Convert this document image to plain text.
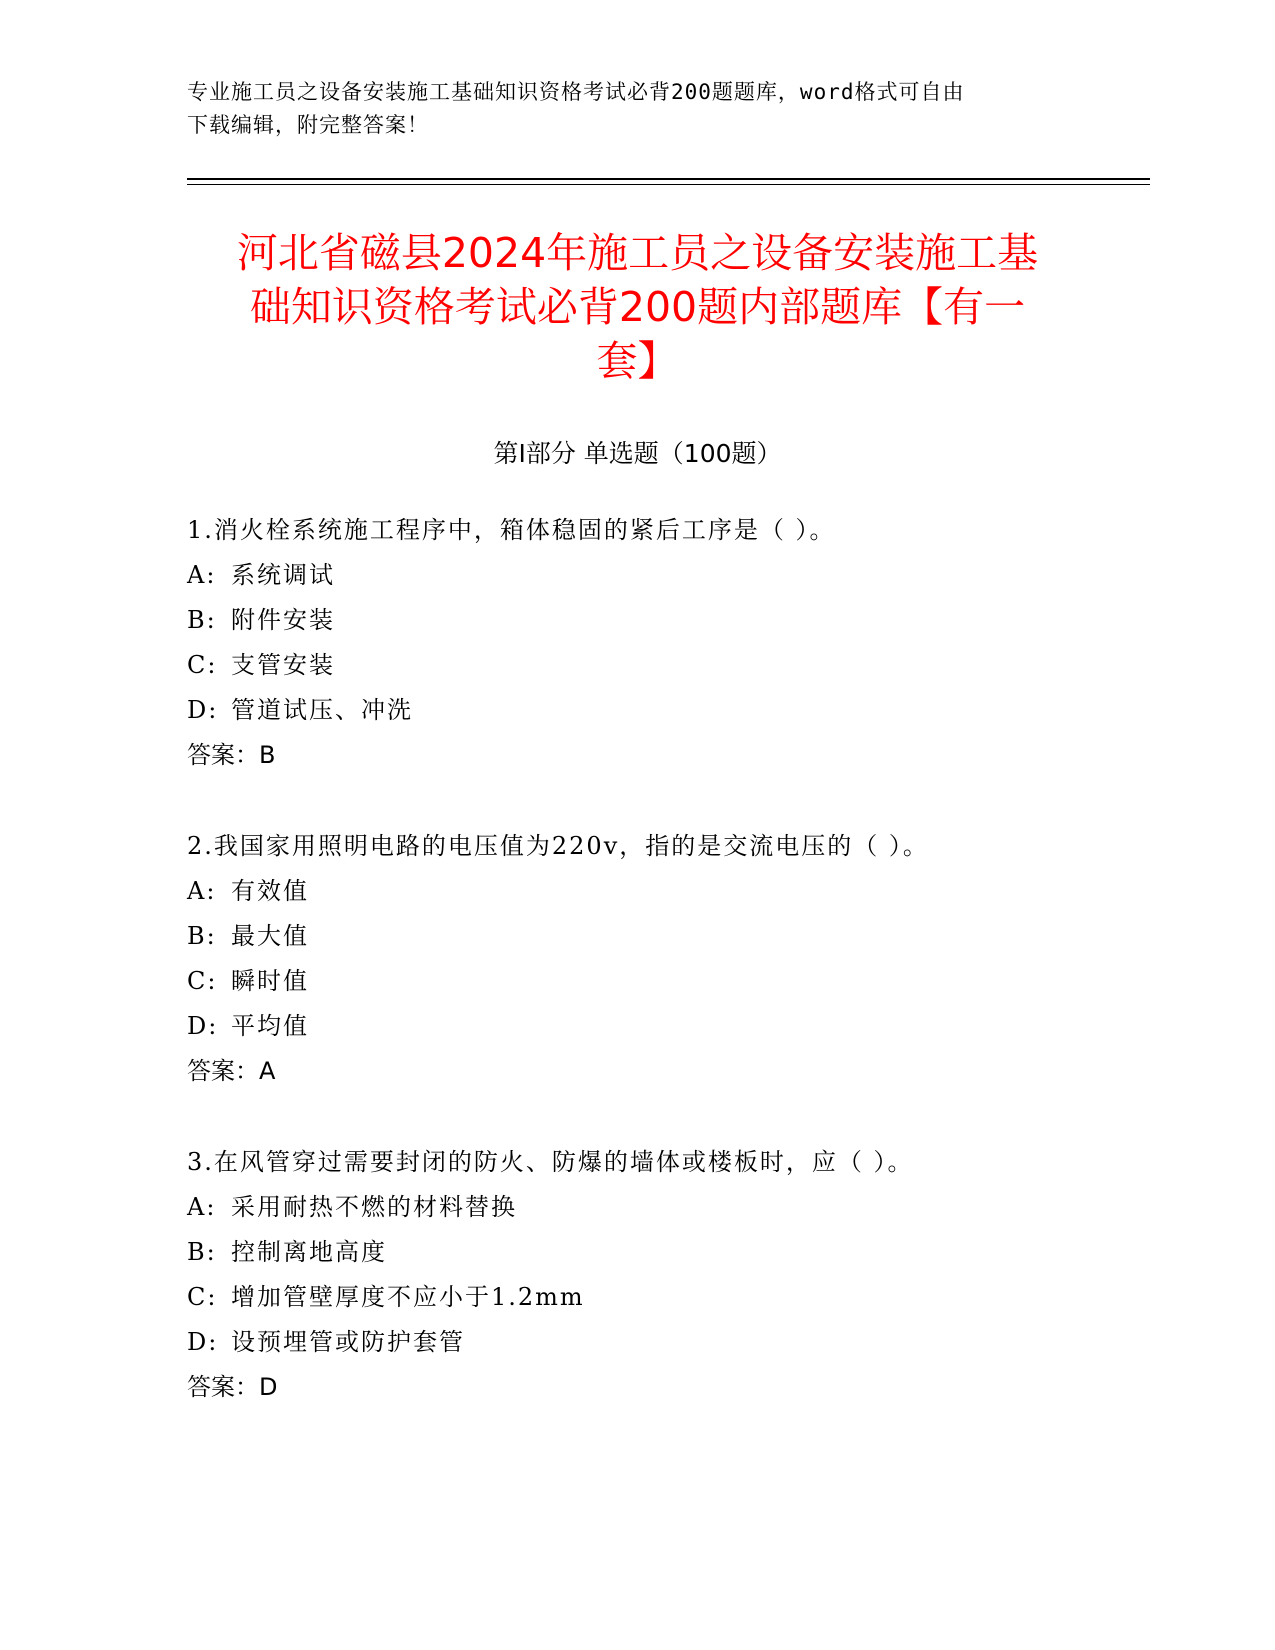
专业施工员之设备安装施工基础知识资格考试必背200题题库，word格式可自由
下载编辑，附完整答案！
河北省磁县2024年施工员之设备安装施工基
础知识资格考试必背200题内部题库【有一
套】
第Ⅰ部分 单选题（100题）
1.消火栓系统施工程序中，箱体稳固的紧后工序是（ ）。
A: 系统调试
B: 附件安装
C: 支管安装
D: 管道试压、冲洗
答案：B
2.我国家用照明电路的电压值为220v，指的是交流电压的（ ）。
A: 有效值
B: 最大值
C: 瞬时值
D: 平均值
答案：A
3.在风管穿过需要封闭的防火、防爆的墙体或楼板时，应（ ）。
A: 采用耐热不燃的材料替换
B: 控制离地高度
C: 增加管壁厚度不应小于1.2mm
D: 设预埋管或防护套管
答案：D
